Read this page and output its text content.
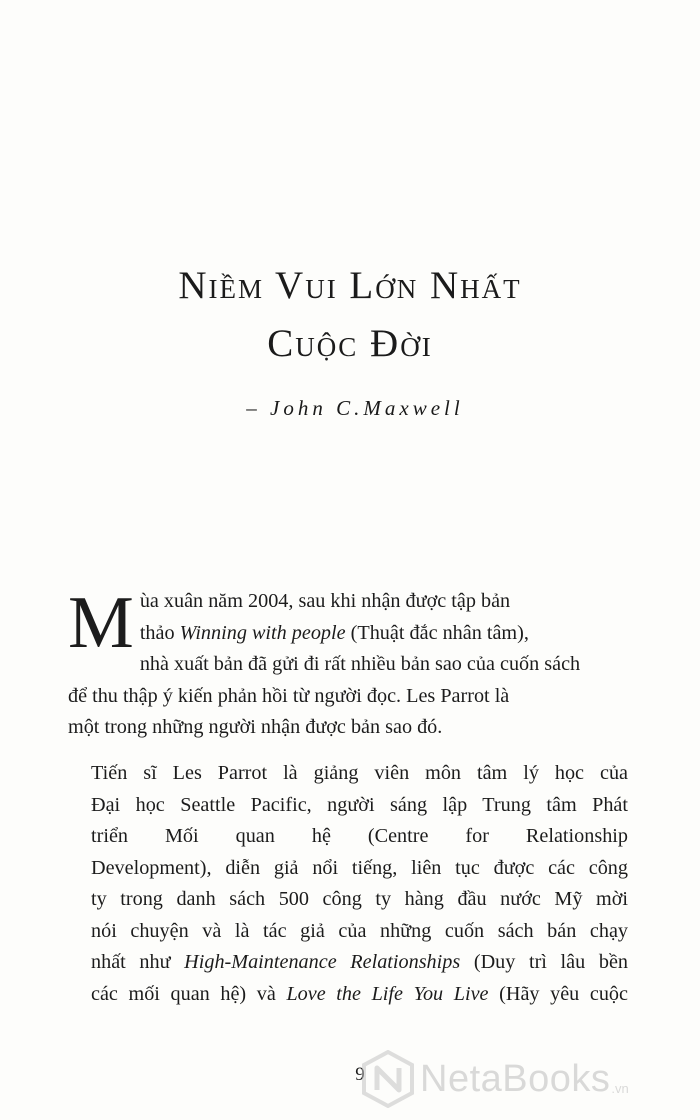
Niềm Vui Lớn Nhất
Cuộc Đời
– John C.Maxwell
M ùa xuân năm 2004, sau khi nhận được tập bản
thảo Winning with people (Thuật đắc nhân tâm),
nhà xuất bản đã gửi đi rất nhiều bản sao của cuốn sách
để thu thập ý kiến phản hồi từ người đọc. Les Parrot là
một trong những người nhận được bản sao đó.
Tiến sĩ Les Parrot là giảng viên môn tâm lý học của
Đại học Seattle Pacific, người sáng lập Trung tâm Phát
triển Mối quan hệ (Centre for Relationship
Development), diễn giả nổi tiếng, liên tục được các công
ty trong danh sách 500 công ty hàng đầu nước Mỹ mời
nói chuyện và là tác giả của những cuốn sách bán chạy
nhất như High-Maintenance Relationships (Duy trì lâu bền
các mối quan hệ) và Love the Life You Live (Hãy yêu cuộc
9	NetaBooks .vn
